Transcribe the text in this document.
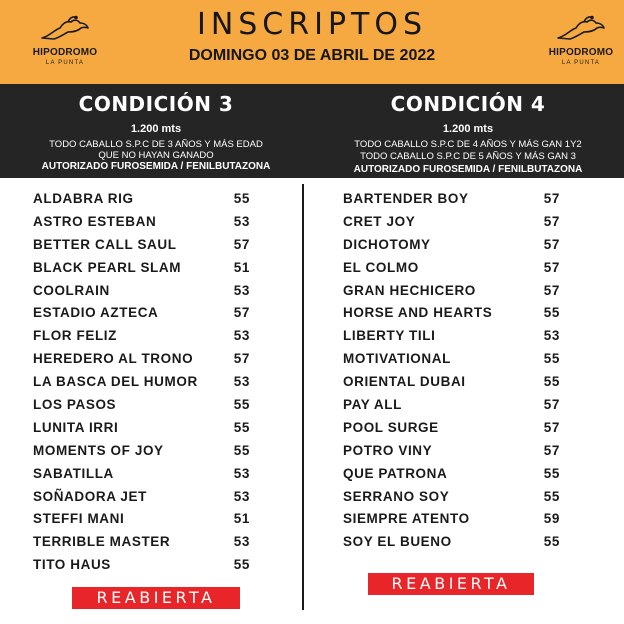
HIPODROMO
LA PUNTA
INSCRIPTOS
DOMINGO 03 DE ABRIL DE 2022	HIPODROMO
LA PUNTA
CONDICIÓN 3
1.200 mts
TODO CABALLO S.P.C DE 3 AÑOS Y MÁS EDAD
QUE NO HAYAN GANADO
AUTORIZADO FUROSEMIDA / FENILBUTAZONA
CONDICIÓN 4
1.200 mts
TODO CABALLO S.P.C DE 4 AÑOS Y MÁS GAN 1Y2
TODO CABALLO S.P.C DE 5 AÑOS Y MÁS GAN 3
AUTORIZADO FUROSEMIDA / FENILBUTAZONA
ALDABRA RIG	55
ASTRO ESTEBAN	53
BETTER CALL SAUL	57
BLACK PEARL SLAM	51
COOLRAIN	53
ESTADIO AZTECA	57
FLOR FELIZ	53
HEREDERO AL TRONO	57
LA BASCA DEL HUMOR	53
LOS PASOS	55
LUNITA IRRI	55
MOMENTS OF JOY	55
SABATILLA	53
SOÑADORA JET	53
STEFFI MANI	51
TERRIBLE MASTER	53
TITO HAUS	55
BARTENDER BOY	57
CRET JOY	57
DICHOTOMY	57
EL COLMO	57
GRAN HECHICERO	57
HORSE AND HEARTS	55
LIBERTY TILI	53
MOTIVATIONAL	55
ORIENTAL DUBAI	55
PAY ALL	57
POOL SURGE	57
POTRO VINY	57
QUE PATRONA	55
SERRANO SOY	55
SIEMPRE ATENTO	59
SOY EL BUENO	55
REABIERTA
REABIERTA
